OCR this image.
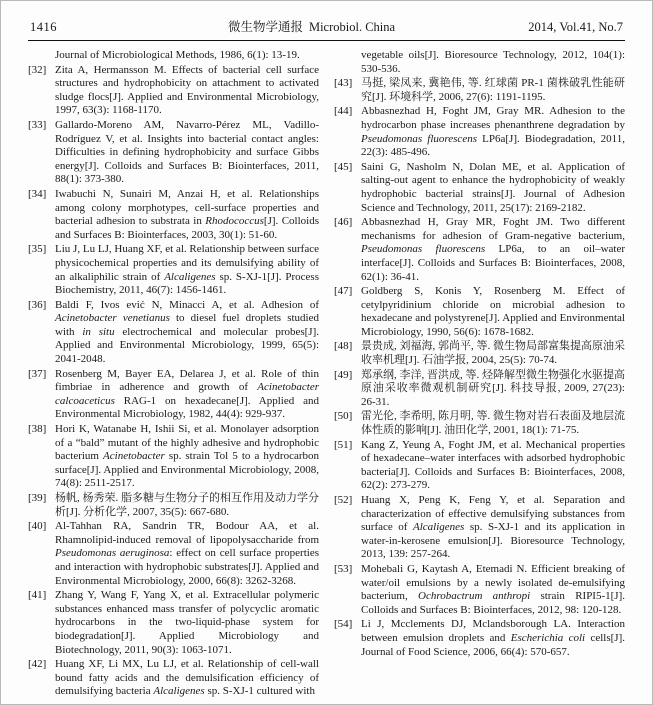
1416	微生物学通报 Microbiol. China	2014, Vol.41, No.7
Journal of Microbiological Methods, 1986, 6(1): 13-19.
[32] Zita A, Hermansson M. Effects of bacterial cell surface structures and hydrophobicity on attachment to activated sludge flocs[J]. Applied and Environmental Microbiology, 1997, 63(3): 1168-1170.
[33] Gallardo-Moreno AM, Navarro-Pérez ML, Vadillo-Rodríguez V, et al. Insights into bacterial contact angles: Difficulties in defining hydrophobicity and surface Gibbs energy[J]. Colloids and Surfaces B: Biointerfaces, 2011, 88(1): 373-380.
[34] Iwabuchi N, Sunairi M, Anzai H, et al. Relationships among colony morphotypes, cell-surface properties and bacterial adhesion to substrata in Rhodococcus[J]. Colloids and Surfaces B: Biointerfaces, 2003, 30(1): 51-60.
[35] Liu J, Lu LJ, Huang XF, et al. Relationship between surface physicochemical properties and its demulsifying ability of an alkaliphilic strain of Alcaligenes sp. S-XJ-1[J]. Process Biochemistry, 2011, 46(7): 1456-1461.
[36] Baldi F, Ivos ević N, Minacci A, et al. Adhesion of Acinetobacter venetianus to diesel fuel droplets studied with in situ electrochemical and molecular probes[J]. Applied and Environmental Microbiology, 1999, 65(5): 2041-2048.
[37] Rosenberg M, Bayer EA, Delarea J, et al. Role of thin fimbriae in adherence and growth of Acinetobacter calcoaceticus RAG-1 on hexadecane[J]. Applied and Environmental Microbiology, 1982, 44(4): 929-937.
[38] Hori K, Watanabe H, Ishii Si, et al. Monolayer adsorption of a “bald” mutant of the highly adhesive and hydrophobic bacterium Acinetobacter sp. strain Tol 5 to a hydrocarbon surface[J]. Applied and Environmental Microbiology, 2008, 74(8): 2511-2517.
[39] 杨帆, 杨秀荣. 脂多糖与生物分子的相互作用及动力学分析[J]. 分析化学, 2007, 35(5): 667-680.
[40] Al-Tahhan RA, Sandrin TR, Bodour AA, et al. Rhamnolipid-induced removal of lipopolysaccharide from Pseudomonas aeruginosa: effect on cell surface properties and interaction with hydrophobic substrates[J]. Applied and Environmental Microbiology, 2000, 66(8): 3262-3268.
[41] Zhang Y, Wang F, Yang X, et al. Extracellular polymeric substances enhanced mass transfer of polycyclic aromatic hydrocarbons in the two-liquid-phase system for biodegradation[J]. Applied Microbiology and Biotechnology, 2011, 90(3): 1063-1071.
[42] Huang XF, Li MX, Lu LJ, et al. Relationship of cell-wall bound fatty acids and the demulsification efficiency of demulsifying bacteria Alcaligenes sp. S-XJ-1 cultured with
vegetable oils[J]. Bioresource Technology, 2012, 104(1): 530-536.
[43] 马挺, 梁凤来, 冀艳伟, 等. 红球菌 PR-1 菌株破乳性能研究[J]. 环境科学, 2006, 27(6): 1191-1195.
[44] Abbasnezhad H, Foght JM, Gray MR. Adhesion to the hydrocarbon phase increases phenanthrene degradation by Pseudomonas fluorescens LP6a[J]. Biodegradation, 2011, 22(3): 485-496.
[45] Saini G, Nasholm N, Dolan ME, et al. Application of salting-out agent to enhance the hydrophobicity of weakly hydrophobic bacterial strains[J]. Journal of Adhesion Science and Technology, 2011, 25(17): 2169-2182.
[46] Abbasnezhad H, Gray MR, Foght JM. Two different mechanisms for adhesion of Gram-negative bacterium, Pseudomonas fluorescens LP6a, to an oil–water interface[J]. Colloids and Surfaces B: Biointerfaces, 2008, 62(1): 36-41.
[47] Goldberg S, Konis Y, Rosenberg M. Effect of cetylpyridinium chloride on microbial adhesion to hexadecane and polystyrene[J]. Applied and Environmental Microbiology, 1990, 56(6): 1678-1682.
[48] 景贵成, 刘福海, 郭尚平, 等. 微生物局部富集提高原油采收率机理[J]. 石油学报, 2004, 25(5): 70-74.
[49] 郑承纲, 李洋, 晋洪成, 等. 烃降解型微生物强化水驱提高原油采收率微观机制研究[J]. 科技导报, 2009, 27(23): 26-31.
[50] 雷光伦, 李希明, 陈月明, 等. 微生物对岩石表面及地层流体性质的影响[J]. 油田化学, 2001, 18(1): 71-75.
[51] Kang Z, Yeung A, Foght JM, et al. Mechanical properties of hexadecane–water interfaces with adsorbed hydrophobic bacteria[J]. Colloids and Surfaces B: Biointerfaces, 2008, 62(2): 273-279.
[52] Huang X, Peng K, Feng Y, et al. Separation and characterization of effective demulsifying substances from surface of Alcaligenes sp. S-XJ-1 and its application in water-in-kerosene emulsion[J]. Bioresource Technology, 2013, 139: 257-264.
[53] Mohebali G, Kaytash A, Etemadi N. Efficient breaking of water/oil emulsions by a newly isolated de-emulsifying bacterium, Ochrobactrum anthropi strain RIPI5-1[J]. Colloids and Surfaces B: Biointerfaces, 2012, 98: 120-128.
[54] Li J, Mcclements DJ, Mclandsborough LA. Interaction between emulsion droplets and Escherichia coli cells[J]. Journal of Food Science, 2006, 66(4): 570-657.
